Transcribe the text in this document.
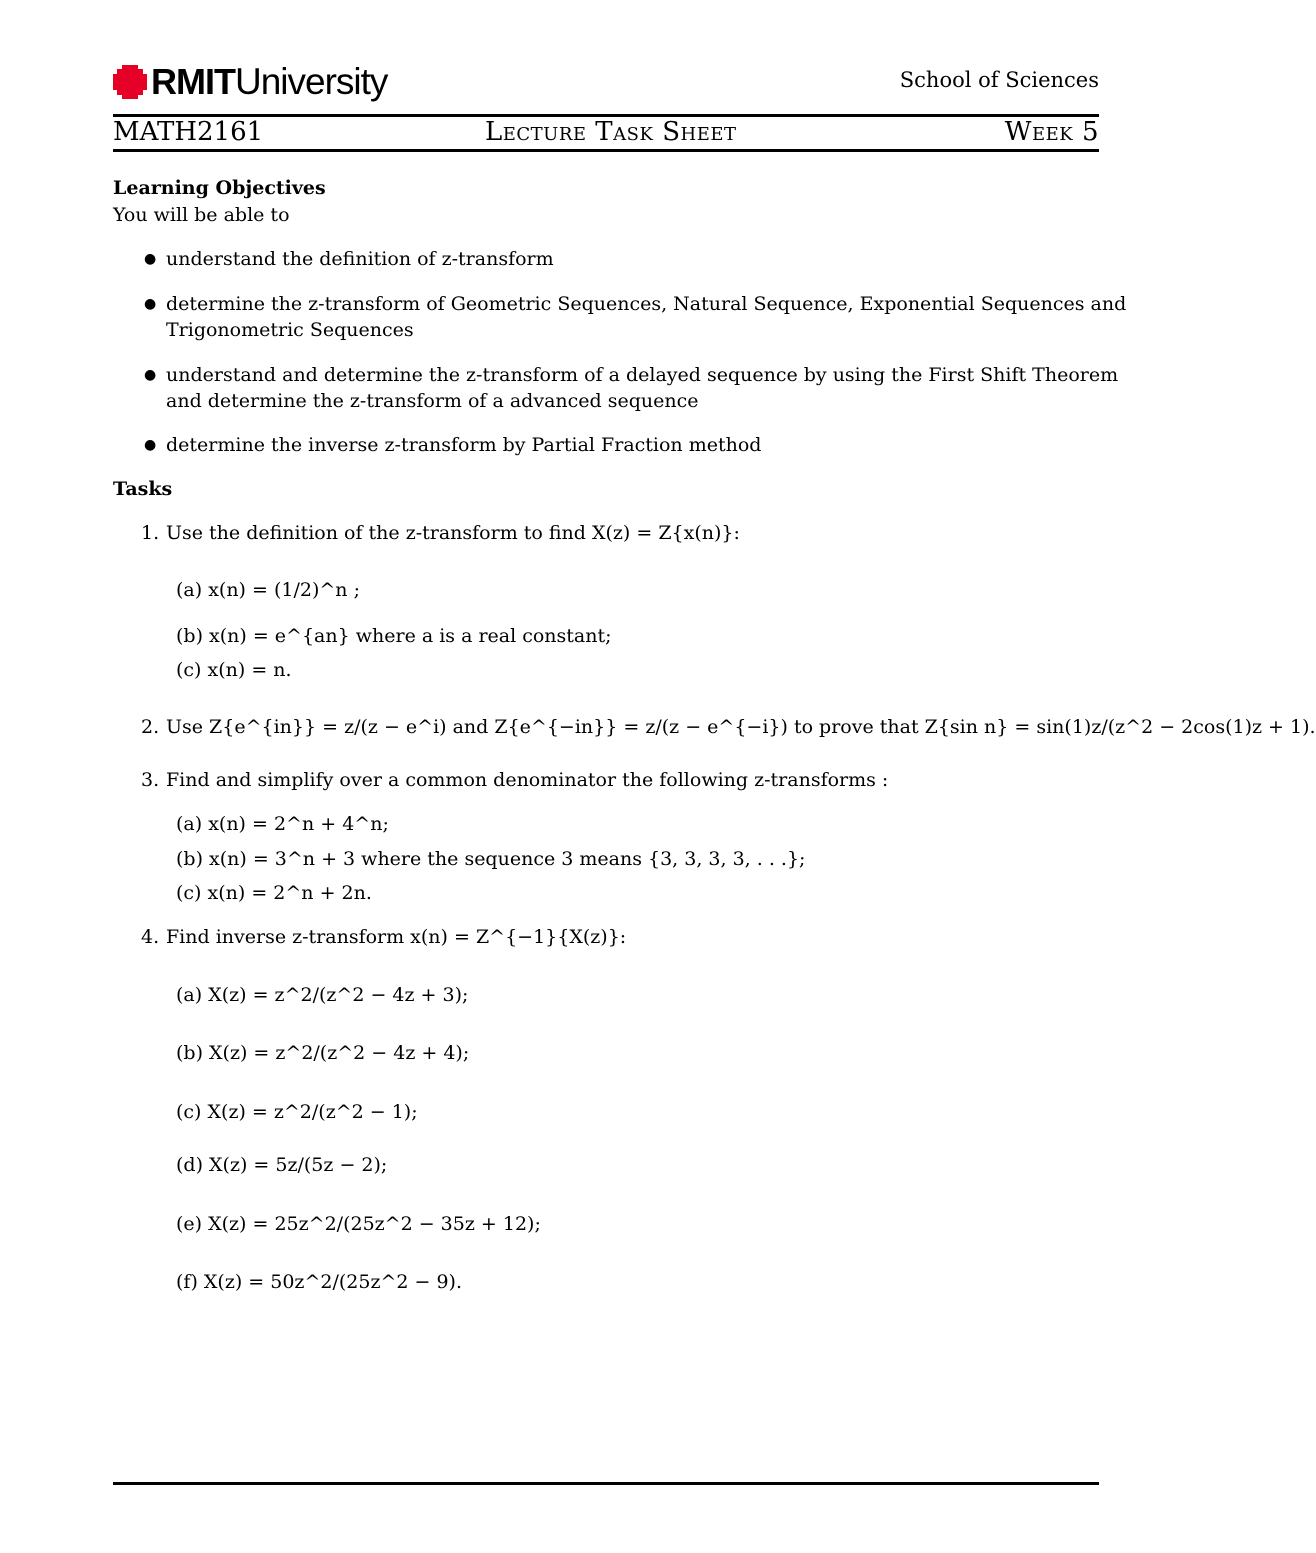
RMIT University	School of Sciences
MATH2161	Lecture Task Sheet	Week 5
Learning Objectives
You will be able to
● understand the definition of z-transform
● determine the z-transform of Geometric Sequences, Natural Sequence, Exponential Sequences and
Trigonometric Sequences
● understand and determine the z-transform of a delayed sequence by using the First Shift Theorem
and determine the z-transform of a advanced sequence
● determine the inverse z-transform by Partial Fraction method
Tasks
1. Use the definition of the z-transform to find X(z) = Z{x(n)}:
(a) x(n) = (1/2)^n ;
(b) x(n) = e^{an} where a is a real constant;
(c) x(n) = n.
2. Use Z{e^{in}} = z/(z − e^i) and Z{e^{−in}} = z/(z − e^{−i}) to prove that Z{sin n} = sin(1)z/(z^2 − 2cos(1)z + 1).
3. Find and simplify over a common denominator the following z-transforms :
(a) x(n) = 2^n + 4^n;
(b) x(n) = 3^n + 3 where the sequence 3 means {3, 3, 3, 3, . . .};
(c) x(n) = 2^n + 2n.
4. Find inverse z-transform x(n) = Z^{−1}{X(z)}:
(a) X(z) = z^2/(z^2 − 4z + 3);
(b) X(z) = z^2/(z^2 − 4z + 4);
(c) X(z) = z^2/(z^2 − 1);
(d) X(z) = 5z/(5z − 2);
(e) X(z) = 25z^2/(25z^2 − 35z + 12);
(f) X(z) = 50z^2/(25z^2 − 9).
